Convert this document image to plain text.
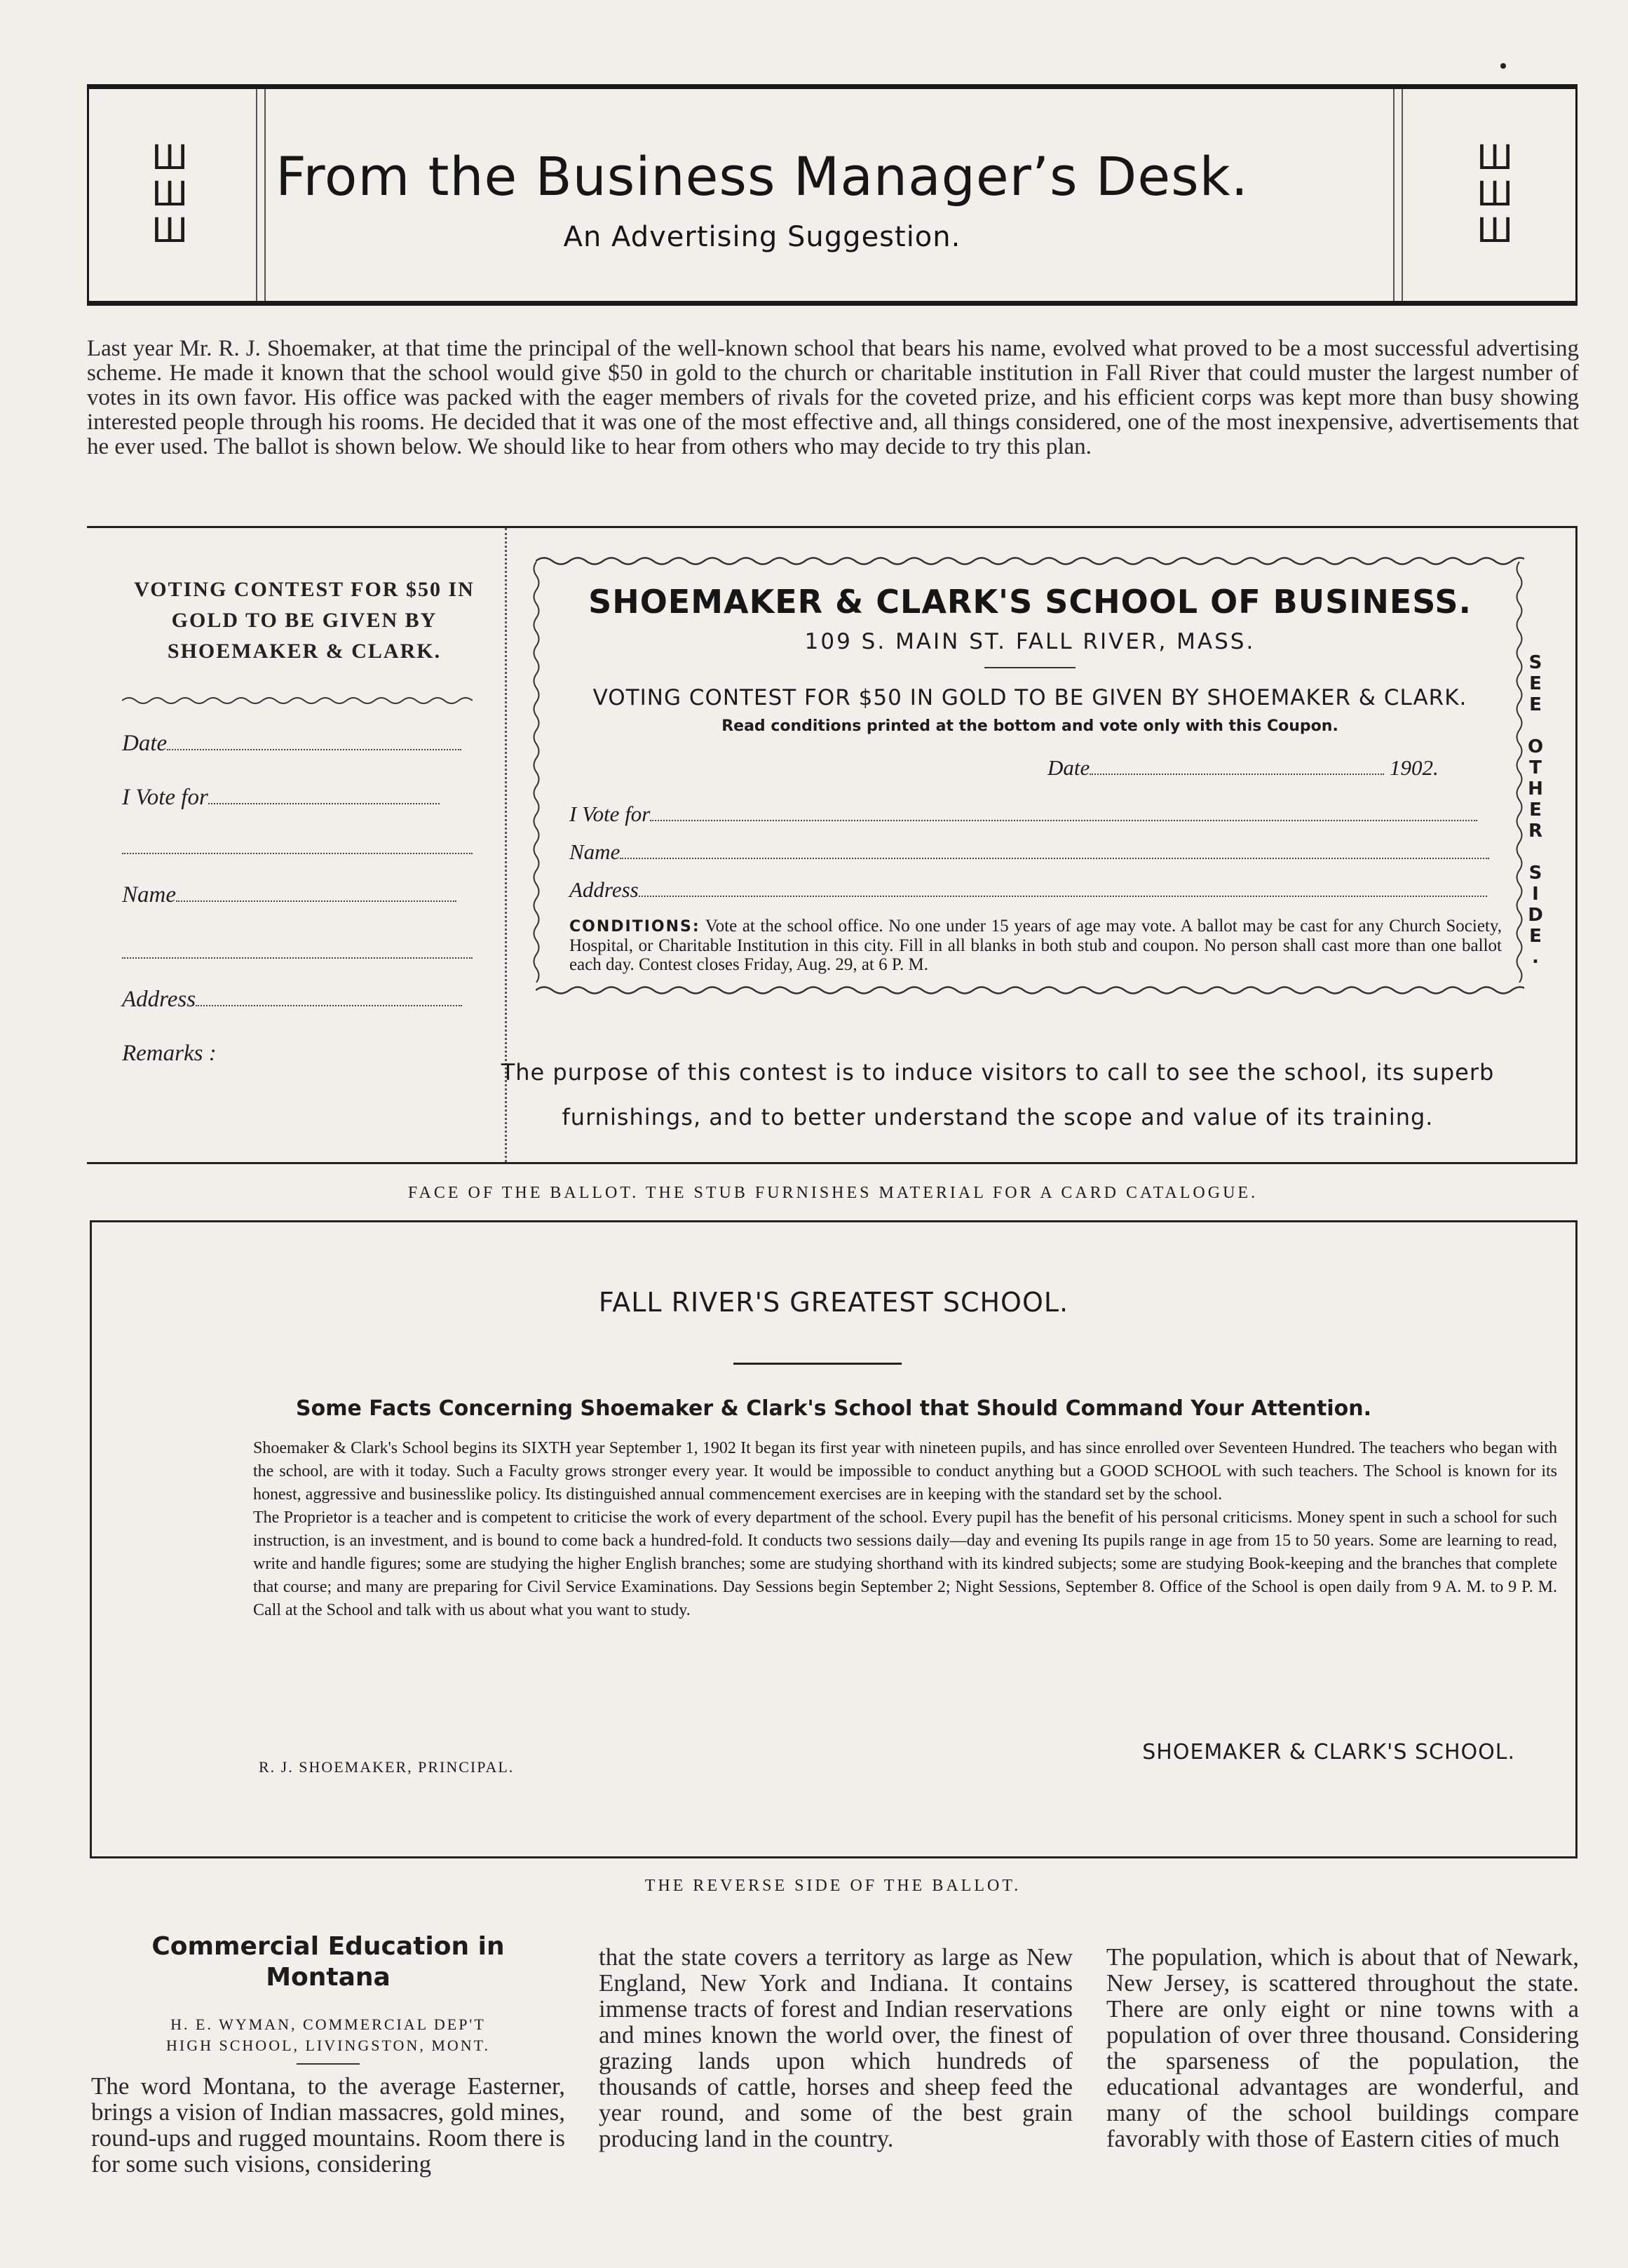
Ш
Ш
Ш
Ш
Ш
Ш
From the Business Manager’s Desk.
An Advertising Suggestion.
Last year Mr. R. J. Shoemaker, at that time the principal of the well-known school that bears his name, evolved what proved to be a most successful advertising scheme. He made it known that the school would give $50 in gold to the church or charitable institution in Fall River that could muster the largest number of votes in its own favor. His office was packed with the eager members of rivals for the coveted prize, and his efficient corps was kept more than busy showing interested people through his rooms. He decided that it was one of the most effective and, all things considered, one of the most inexpensive, advertisements that he ever used. The ballot is shown below. We should like to hear from others who may decide to try this plan.
VOTING CONTEST FOR $50 IN GOLD TO BE GIVEN BY SHOEMAKER & CLARK.
Date
I Vote for
Name
Address
Remarks :
SHOEMAKER & CLARK'S SCHOOL OF BUSINESS.
109 S. MAIN ST. FALL RIVER, MASS.
VOTING CONTEST FOR $50 IN GOLD TO BE GIVEN BY SHOEMAKER & CLARK.
Read conditions printed at the bottom and vote only with this Coupon.
Date	1902.
I Vote for
Name
Address
CONDITIONS: Vote at the school office. No one under 15 years of age may vote. A ballot may be cast for any Church Society, Hospital, or Charitable Institution in this city. Fill in all blanks in both stub and coupon. No person shall cast more than one ballot each day. Contest closes Friday, Aug. 29, at 6 P. M.
The purpose of this contest is to induce visitors to call to see the school, its superb furnishings, and to better understand the scope and value of its training.
S
E
E

O
T
H
E
R

S
I
D
E
.
FACE OF THE BALLOT. THE STUB FURNISHES MATERIAL FOR A CARD CATALOGUE.
FALL RIVER'S GREATEST SCHOOL.
Some Facts Concerning Shoemaker & Clark's School that Should Command Your Attention.

Shoemaker & Clark's School begins its SIXTH year September 1, 1902 It began its first year with nineteen pupils, and has since enrolled over Seventeen Hundred. The teachers who began with the school, are with it today. Such a Faculty grows stronger every year. It would be impossible to conduct anything but a GOOD SCHOOL with such teachers. The School is known for its honest, aggressive and businesslike policy. Its distinguished annual commencement exercises are in keeping with the standard set by the school.

The Proprietor is a teacher and is competent to criticise the work of every department of the school. Every pupil has the benefit of his personal criticisms. Money spent in such a school for such instruction, is an investment, and is bound to come back a hundred-fold. It conducts two sessions daily—day and evening Its pupils range in age from 15 to 50 years. Some are learning to read, write and handle figures; some are studying the higher English branches; some are studying shorthand with its kindred subjects; some are studying Book-keeping and the branches that complete that course; and many are preparing for Civil Service Examinations. Day Sessions begin September 2; Night Sessions, September 8. Office of the School is open daily from 9 A. M. to 9 P. M. Call at the School and talk with us about what you want to study.

R. J. SHOEMAKER, PRINCIPAL.
SHOEMAKER & CLARK'S SCHOOL.
THE REVERSE SIDE OF THE BALLOT.
Commercial Education in Montana
H. E. WYMAN, COMMERCIAL DEP'T
HIGH SCHOOL, LIVINGSTON, MONT.
The word Montana, to the average Easterner, brings a vision of Indian massacres, gold mines, round-ups and rugged mountains. Room there is for some such visions, considering
that the state covers a territory as large as New England, New York and Indiana. It contains immense tracts of forest and Indian reservations and mines known the world over, the finest of grazing lands upon which hundreds of thousands of cattle, horses and sheep feed the year round, and some of the best grain producing land in the country.
The population, which is about that of Newark, New Jersey, is scattered throughout the state. There are only eight or nine towns with a population of over three thousand. Considering the sparseness of the population, the educational advantages are wonderful, and many of the school buildings compare favorably with those of Eastern cities of much
